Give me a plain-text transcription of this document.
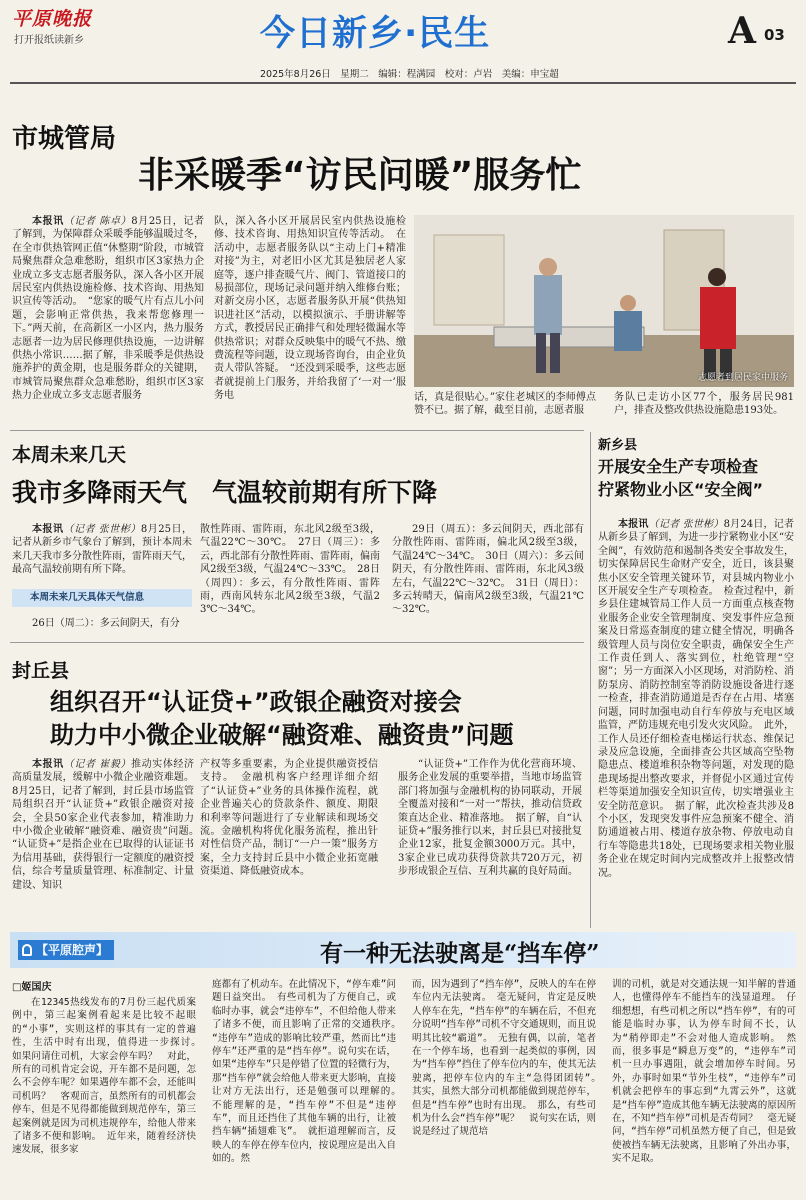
平原晚报
打开报纸读新乡	今日新乡·民生	A 03
2025年8月26日　星期二　编辑：程满园　校对：卢岩　美编：申宝超
市城管局
非采暖季“访民问暖”服务忙

本报讯（记者 陈卓）8月25日，记者了解到，为保障群众采暖季能够温暖过冬，在全市供热管网正值“休整期”阶段，市城管局聚焦群众急难愁盼，组织市区3家热力企业成立多支志愿者服务队，深入各小区开展居民室内供热设施检修、技术咨询、用热知识宣传等活动。　“您家的暖气片有点儿小问题，会影响正常供热，我来帮您修理一下。”两天前，在高新区一小区内，热力服务志愿者一边为居民修理供热设施，一边讲解供热小常识……据了解，非采暖季是供热设施养护的黄金期，也是服务群众的关键期，市城管局聚焦群众急难愁盼，组织市区3家热力企业成立多支志愿者服务

队，深入各小区开展居民室内供热设施检修、技术咨询、用热知识宣传等活动。　在活动中，志愿者服务队以“主动上门+精准对接”为主，对老旧小区尤其是独居老人家庭等，逐户排查暖气片、阀门、管道接口的易损部位，现场记录问题并纳入维修台账；对新交房小区，志愿者服务队开展“供热知识进社区”活动，以模拟演示、手册讲解等方式，教授居民正确排气和处理轻微漏水等供热常识；对群众反映集中的暖气不热、缴费流程等问题，设立现场咨询台，由企业负责人带队答疑。　“还没到采暖季，这些志愿者就提前上门服务，并给我留了‘一对一’服务电

志愿者到居民家中服务

话，真是很贴心。”家住老城区的李师傅点赞不已。据了解，截至目前，志愿者服

务队已走访小区77个，服务居民981户，排查及整改供热设施隐患193处。

本周未来几天
我市多降雨天气　气温较前期有所下降

本报讯（记者 张世彬）8月25日，记者从新乡市气象台了解到，预计本周未来几天我市多分散性阵雨，雷阵雨天气，最高气温较前期有所下降。

本周未来几天具体天气信息

26日（周二）：多云间阴天，有分

散性阵雨、雷阵雨，东北风2级至3级，气温22℃～30℃。　27日（周三）：多云，西北部有分散性阵雨、雷阵雨，偏南风2级至3级，气温24℃～33℃。　28日（周四）：多云，有分散性阵雨、雷阵雨，西南风转东北风2级至3级，气温23℃～34℃。

29日（周五）：多云间阴天，西北部有分散性阵雨、雷阵雨，偏北风2级至3级，气温24℃～34℃。　30日（周六）：多云间阴天，有分散性阵雨、雷阵雨，东北风3级左右，气温22℃～32℃。　31日（周日）：多云转晴天，偏南风2级至3级，气温21℃～32℃。

封丘县
组织召开“认证贷+”政银企融资对接会
助力中小微企业破解“融资难、融资贵”问题

本报讯（记者 崔毅）推动实体经济高质量发展，缓解中小微企业融资难题。8月25日，记者了解到，封丘县市场监管局组织召开“认证贷+”政银企融资对接会，全县50家企业代表参加，精准助力中小微企业破解“融资难、融资贵”问题。　“认证贷+”是指企业在已取得的认证证书为信用基础，获得银行一定额度的融资授信，综合考量质量管理、标准制定、计量建设、知识

产权等多重要素，为企业提供融资授信支持。　金融机构客户经理详细介绍了“认证贷+”业务的具体操作流程，就企业普遍关心的贷款条件、额度、期限和利率等问题进行了专业解读和现场交流。金融机构将优化服务流程，推出针对性信贷产品，制订“一户一策”服务方案，全力支持封丘县中小微企业拓宽融资渠道、降低融资成本。

“认证贷+”工作作为优化营商环境、服务企业发展的重要举措，当地市场监管部门将加强与金融机构的协同联动，开展全覆盖对接和“一对一”帮扶，推动信贷政策直达企业、精准落地。　据了解，自“认证贷+”服务推行以来，封丘县已对接批复企业12家，批复金额3000万元。其中，3家企业已成功获得贷款共720万元，初步形成银企互信、互利共赢的良好局面。

新乡县
开展安全生产专项检查
拧紧物业小区“安全阀”

本报讯（记者 张世彬）8月24日，记者从新乡县了解到，为进一步拧紧物业小区“安全阀”，有效防范和遏制各类安全事故发生，切实保障居民生命财产安全，近日，该县聚焦小区安全管理关键环节，对县城内物业小区开展安全生产专项检查。　检查过程中，新乡县住建城管局工作人员一方面重点核查物业服务企业安全管理制度、突发事件应急预案及日常巡查制度的建立健全情况，明确各级管理人员与岗位安全职责，确保安全生产工作责任到人、落实到位，杜绝管理“空窗”；另一方面深入小区现场，对消防栓、消防泵房、消防控制室等消防设施设备进行逐一检查，排查消防通道是否存在占用、堵塞问题，同时加强电动自行车停放与充电区域监管，严防违规充电引发火灾风险。　此外，工作人员还仔细检查电梯运行状态、维保记录及应急设施，全面排查公共区域高空坠物隐患点、楼道堆积杂物等问题，对发现的隐患现场提出整改要求，并督促小区通过宣传栏等渠道加强安全知识宣传，切实增强业主安全防范意识。　据了解，此次检查共涉及8个小区，发现突发事件应急预案不健全、消防通道被占用、楼道存放杂物、停放电动自行车等隐患共18处，已现场要求相关物业服务企业在规定时间内完成整改并上报整改情况。

【平原腔声】	有一种无法驶离是“挡车停”
□姬国庆

在12345热线发布的7月份三起代质案例中，第三起案例看起来是比较不起眼的“小事”，实则这样的事其有一定的普遍性，生活中时有出现，值得进一步探讨。　如果问请住司机，大家会停车吗？　对此，所有的司机肯定会说，开车都不是问题，怎么不会停车呢？如果遇停车都不会，还能叫司机吗？　客观而言，虽然所有的司机都会停车，但是不见得都能做到规范停车，第三起案例就是因为司机违规停车，给他人带来了诸多不便和影响。　近年来，随着经济快速发展，很多家

庭都有了机动车。在此情况下，“停车难”问题日益突出。　有些司机为了方便自己，或临时办事，就会“违停车”，不但给他人带来了诸多不便，而且影响了正常的交通秩序。　“违停车”造成的影响比较严重，然而比“违停车”还严重的是“挡车停”。说句实在话，如果“违停车”只是停错了位置的轻微行为，那“挡车停”就会给他人带来更大影响，直接让对方无法出行，还是勉强可以理解的。　不能理解的是，“挡车停”不但是“违停车”，而且还挡住了其他车辆的出行，让被挡车辆“插翅难飞”。　就拒道理解而言，反映人的车停在停车位内，按说理应是出入自如的。然

而，因为遇到了“挡车停”，反映人的车在停车位内无法驶离。　毫无疑问，肯定是反映人停车在先，“挡车停”的车辆在后，不但充分说明“挡车停”司机不守交通规则，而且说明其比较“霸道”。　无独有偶，以前，笔者在一个停车场，也看到一起类似的事例，因为“挡车停”挡住了停车位内的车，使其无法驶离，把停车位内的车主“急得团团转”。　其实，虽然大部分司机都能做到规范停车，但是“挡车停”也时有出现。　那么，有些司机为什么会“挡车停”呢？　说句实在话，则说是经过了规范培

训的司机，就是对交通法规一知半解的普通人，也懂得停车不能挡车的浅显道理。　仔细想想，有些司机之所以“挡车停”，有的可能是临时办事，认为停车时间不长，认为“稍停即走”不会对他人造成影响。　然而，很多事是“瞬息万变”的，“违停车”司机一旦办事遇阻，就会增加停车时间。另外，办事时如果“节外生枝”，“违停车”司机就会把停车的事忘到“九霄云外”，这就是“挡车停”造成其他车辆无法驶离的原因所在，不知“挡车停”司机是否苟同？　毫无疑问，“挡车停”司机虽然方便了自己，但是致使被挡车辆无法驶离，且影响了外出办事，实不足取。
